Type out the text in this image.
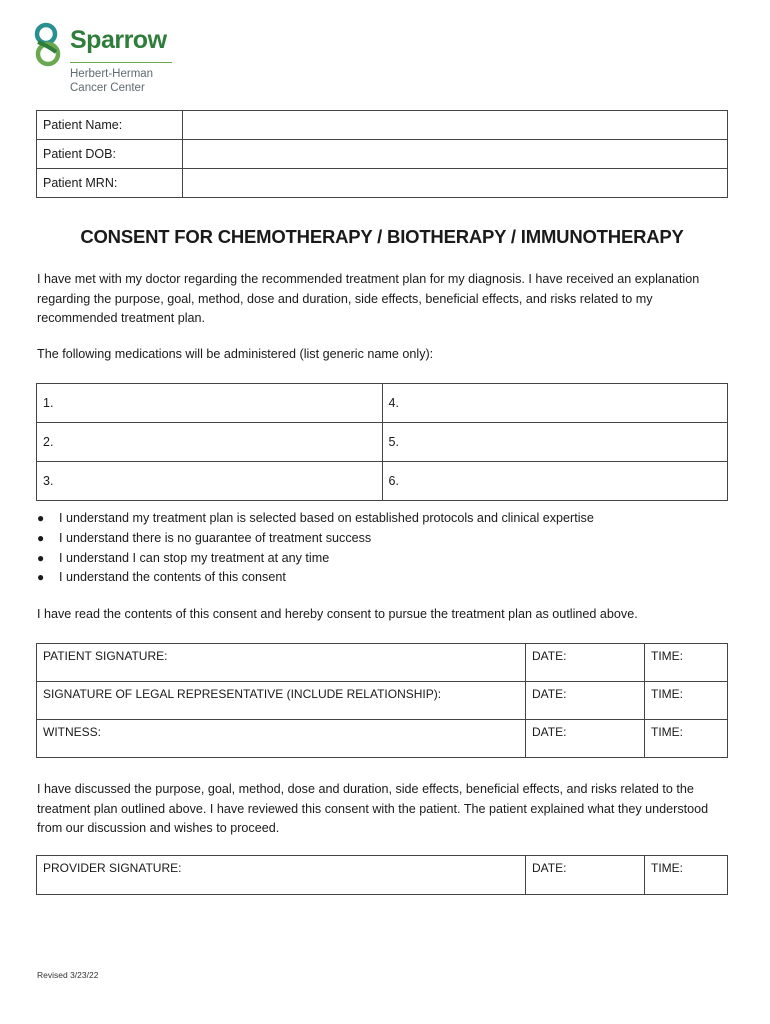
Sparrow
Herbert-Herman
Cancer Center
Patient Name:	
Patient DOB:	
Patient MRN:	
CONSENT FOR CHEMOTHERAPY / BIOTHERAPY / IMMUNOTHERAPY
I have met with my doctor regarding the recommended treatment plan for my diagnosis. I have received an explanation regarding the purpose, goal, method, dose and duration, side effects, beneficial effects, and risks related to my recommended treatment plan.
The following medications will be administered (list generic name only):
1.	4.
2.	5.
3.	6.
● I understand my treatment plan is selected based on established protocols and clinical expertise
● I understand there is no guarantee of treatment success
● I understand I can stop my treatment at any time
● I understand the contents of this consent
I have read the contents of this consent and hereby consent to pursue the treatment plan as outlined above.
PATIENT SIGNATURE:	DATE:	TIME:
SIGNATURE OF LEGAL REPRESENTATIVE (INCLUDE RELATIONSHIP):	DATE:	TIME:
WITNESS:	DATE:	TIME:
I have discussed the purpose, goal, method, dose and duration, side effects, beneficial effects, and risks related to the treatment plan outlined above. I have reviewed this consent with the patient. The patient explained what they understood from our discussion and wishes to proceed.
PROVIDER SIGNATURE:	DATE:	TIME:
Revised 3/23/22
